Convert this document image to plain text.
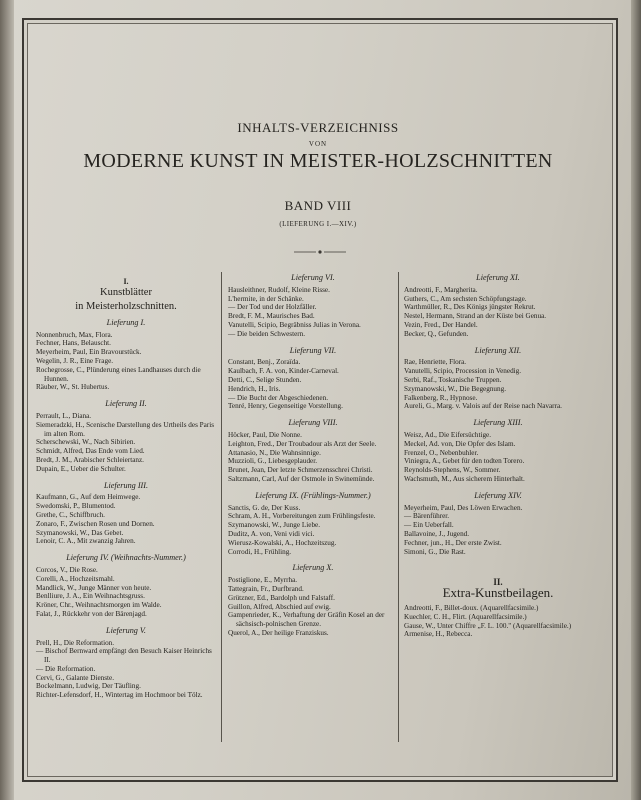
INHALTS-VERZEICHNISS
VON
MODERNE KUNST IN MEISTER-HOLZSCHNITTEN
BAND VIII
(LIEFERUNG I.—XIV.)
I.
Kunstblätter
in Meisterholzschnitten.
Lieferung I.
Nonnenbruch, Max, Flora.
Fechner, Hans, Belauscht.
Meyerheim, Paul, Ein Bravourstück.
Wegelin, J. R., Eine Frage.
Rochegrosse, C., Plünderung eines Landhauses durch die Hunnen.
Räuber, W., St. Hubertus.
Lieferung II.
Perrault, L., Diana.
Siemeradzki, H., Scenische Darstellung des Urtheils des Paris im alten Rom.
Scherschewski, W., Nach Sibirien.
Schmidt, Alfred, Das Ende vom Lied.
Bredt, J. M., Arabischer Schleiertanz.
Dupain, E., Ueber die Schulter.
Lieferung III.
Kaufmann, G., Auf dem Heimwege.
Swedomski, P., Blumentod.
Grethe, C., Schiffbruch.
Zonaro, F., Zwischen Rosen und Dornen.
Szymanowski, W., Das Gebet.
Lenoir, C. A., Mit zwanzig Jahren.
Lieferung IV. (Weihnachts-Nummer.)
Corcos, V., Die Rose.
Corelli, A., Hochzeitsmahl.
Mandlick, W., Junge Männer von heute.
Benlliure, J. A., Ein Weihnachtsgruss.
Kröner, Chr., Weihnachtsmorgen im Walde.
Falat, J., Rückkehr von der Bärenjagd.
Lieferung V.
Prell, H., Die Reformation.
— Bischof Bernward empfängt den Besuch Kaiser Heinrichs II.
— Die Reformation.
Cervi, G., Galante Dienste.
Bockelmann, Ludwig, Der Täufling.
Richter-Lefensdorf, H., Wintertag im Hochmoor bei Tölz.
Lieferung VI.
Hausleithner, Rudolf, Kleine Risse.
L'hermite, in der Schänke.
— Der Tod und der Holzfäller.
Bredt, F. M., Maurisches Bad.
Vanutelli, Scipio, Begräbniss Julias in Verona.
— Die beiden Schwestern.
Lieferung VII.
Constant, Benj., Zoraïda.
Kaulbach, F. A. von, Kinder-Carneval.
Detti, C., Selige Stunden.
Hendrich, H., Iris.
— Die Bucht der Abgeschiedenen.
Tenré, Henry, Gegenseitige Vorstellung.
Lieferung VIII.
Höcker, Paul, Die Nonne.
Leighton, Fred., Der Troubadour als Arzt der Seele.
Attanasio, N., Die Wahnsinnige.
Muzzioli, G., Liebesgeplauder.
Brunet, Jean, Der letzte Schmerzensschrei Christi.
Saltzmann, Carl, Auf der Ostmole in Swinemünde.
Lieferung IX. (Frühlings-Nummer.)
Sanctis, G. de, Der Kuss.
Schram, A. H., Vorbereitungen zum Frühlingsfeste.
Szymanowski, W., Junge Liebe.
Duditz, A. von, Veni vidi vici.
Wierusz-Kowalski, A., Hochzeitszug.
Corrodi, H., Frühling.
Lieferung X.
Postiglione, E., Myrrha.
Tattegrain, Fr., Durfbrand.
Grützner, Ed., Bardolph und Falstaff.
Guillon, Alfred, Abschied auf ewig.
Gampenrieder, K., Verhaftung der Gräfin Kosel an der sächsisch-polnischen Grenze.
Querol, A., Der heilige Franziskus.
Lieferung XI.
Andreotti, F., Margherita.
Guthers, C., Am sechsten Schöpfungstage.
Warthmüller, R., Des Königs jüngster Rekrut.
Nestel, Hermann, Strand an der Küste bei Genua.
Vezin, Fred., Der Handel.
Becker, Q., Gefunden.
Lieferung XII.
Rae, Henriette, Flora.
Vanutelli, Scipio, Procession in Venedig.
Serbi, Raf., Toskanische Truppen.
Szymanowski, W., Die Begegnung.
Falkenberg, R., Hypnose.
Aureli, G., Marg. v. Valois auf der Reise nach Navarra.
Lieferung XIII.
Weisz, Ad., Die Eifersüchtige.
Meckel, Ad. von, Die Opfer des Islam.
Frenzel, O., Nebenbuhler.
Viniegra, A., Gebet für den todten Torero.
Reynolds-Stephens, W., Sommer.
Wachsmuth, M., Aus sicherem Hinterhalt.
Lieferung XIV.
Meyerheim, Paul, Des Löwen Erwachen.
— Bärenführer.
— Ein Ueberfall.
Ballavoine, J., Jugend.
Fechner, jun., H., Der erste Zwist.
Simoni, G., Die Rast.
II.
Extra-Kunstbeilagen.
Andreotti, F., Billet-doux. (Aquarellfacsimile.)
Kuechler, C. H., Flirt. (Aquarellfacsimile.)
Gause, W., Unter Chiffre „F. L. 100." (Aquarellfacsimile.)
Armenise, H., Rebecca.
